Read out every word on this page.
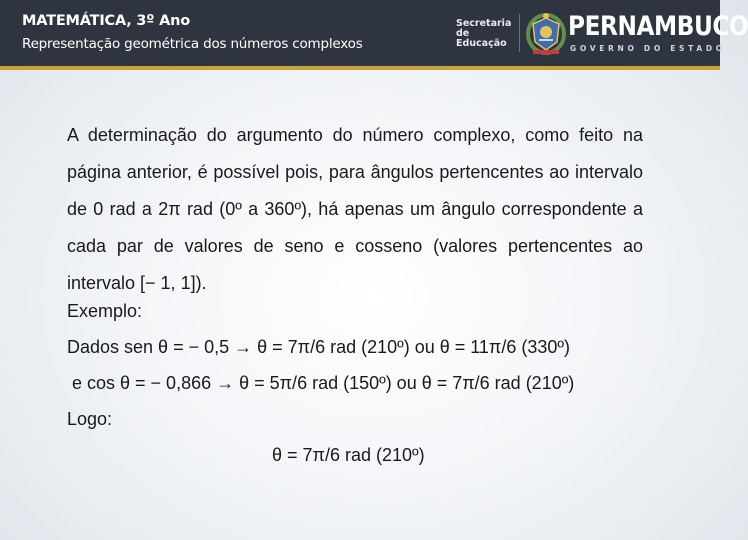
MATEMÁTICA, 3º Ano
Representação geométrica dos números complexos
Secretaria de
Educação
PERNAMBUCO
GOVERNO DO ESTADO

A determinação do argumento do número complexo, como feito na página anterior, é possível pois, para ângulos pertencentes ao intervalo de 0 rad a 2π rad (0º a 360º), há apenas um ângulo correspondente a cada par de valores de seno e cosseno (valores pertencentes ao intervalo [− 1, 1]).

Exemplo:

Dados sen θ = − 0,5 → θ = 7π/6 rad (210º) ou θ = 11π/6 (330º)

e cos θ = − 0,866 → θ = 5π/6 rad (150º) ou θ = 7π/6 rad (210º)

Logo:

θ = 7π/6 rad (210º)
